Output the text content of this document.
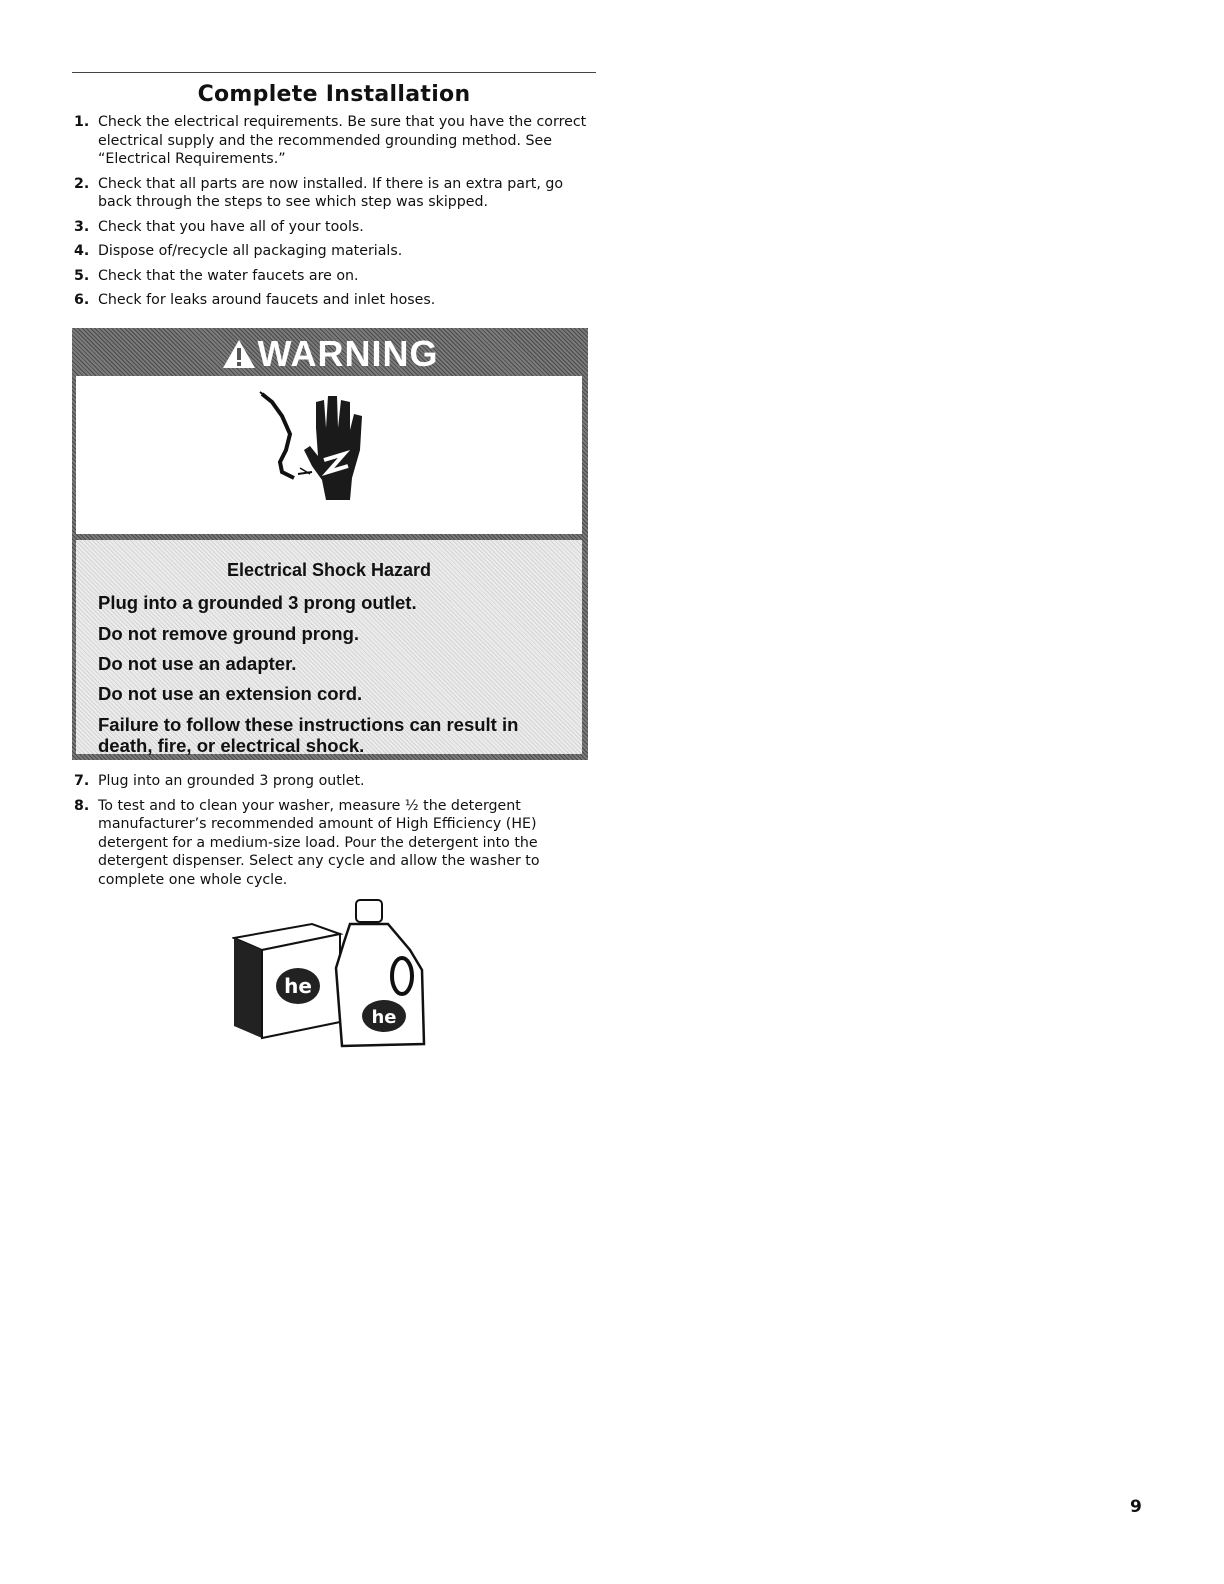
Complete Installation
1. Check the electrical requirements. Be sure that you have the correct electrical supply and the recommended grounding method. See “Electrical Requirements.”
2. Check that all parts are now installed. If there is an extra part, go back through the steps to see which step was skipped.
3. Check that you have all of your tools.
4. Dispose of/recycle all packaging materials.
5. Check that the water faucets are on.
6. Check for leaks around faucets and inlet hoses.
WARNING
Electrical Shock Hazard
Plug into a grounded 3 prong outlet.
Do not remove ground prong.
Do not use an adapter.
Do not use an extension cord.
Failure to follow these instructions can result in death, fire, or electrical shock.
7. Plug into an grounded 3 prong outlet.
8. To test and to clean your washer, measure ½ the detergent manufacturer’s recommended amount of High Efficiency (HE) detergent for a medium-size load. Pour the detergent into the detergent dispenser. Select any cycle and allow the washer to complete one whole cycle.
he
he
9
